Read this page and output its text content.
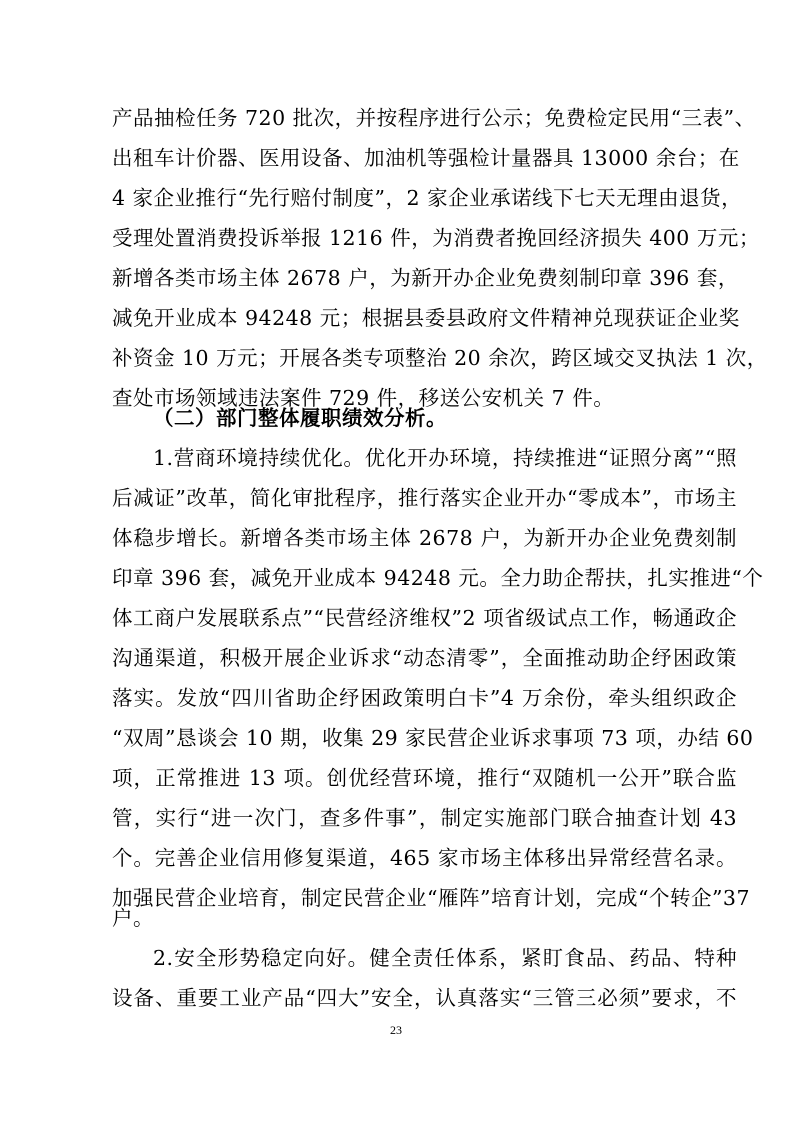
产品抽检任务 720 批次，并按程序进行公示；免费检定民用“三表”、
出租车计价器、医用设备、加油机等强检计量器具 13000 余台；在
4 家企业推行“先行赔付制度”，2 家企业承诺线下七天无理由退货，
受理处置消费投诉举报 1216 件，为消费者挽回经济损失 400 万元；
新增各类市场主体 2678 户，为新开办企业免费刻制印章 396 套，
减免开业成本 94248 元；根据县委县政府文件精神兑现获证企业奖
补资金 10 万元；开展各类专项整治 20 余次，跨区域交叉执法 1 次，
查处市场领域违法案件 729 件，移送公安机关 7 件。
（二）部门整体履职绩效分析。
1.营商环境持续优化。优化开办环境，持续推进“证照分离”“照
后减证”改革，简化审批程序，推行落实企业开办“零成本”，市场主
体稳步增长。新增各类市场主体 2678 户，为新开办企业免费刻制
印章 396 套，减免开业成本 94248 元。全力助企帮扶，扎实推进“个
体工商户发展联系点”“民营经济维权”2 项省级试点工作，畅通政企
沟通渠道，积极开展企业诉求“动态清零”，全面推动助企纾困政策
落实。发放“四川省助企纾困政策明白卡”4 万余份，牵头组织政企
“双周”恳谈会 10 期，收集 29 家民营企业诉求事项 73 项，办结 60
项，正常推进 13 项。创优经营环境，推行“双随机一公开”联合监
管，实行“进一次门，查多件事”，制定实施部门联合抽查计划 43
个。完善企业信用修复渠道，465 家市场主体移出异常经营名录。
加强民营企业培育，制定民营企业“雁阵”培育计划，完成“个转企”37
户。
2.安全形势稳定向好。健全责任体系，紧盯食品、药品、特种
设备、重要工业产品“四大”安全，认真落实“三管三必须”要求，不
23
